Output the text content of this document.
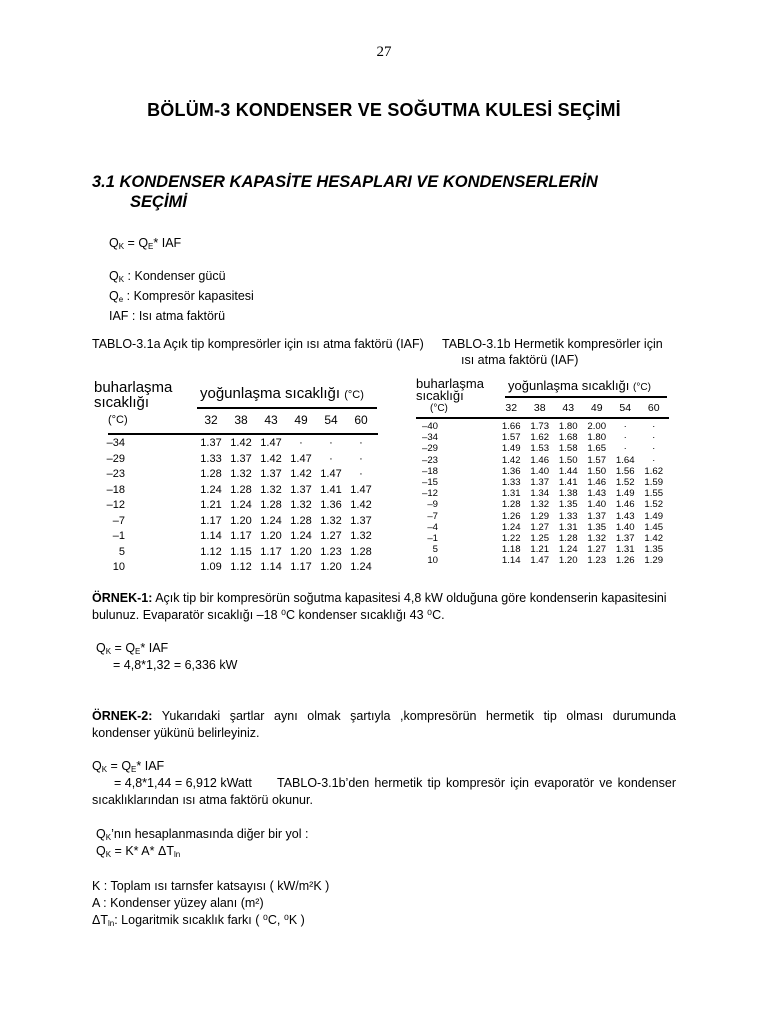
27
BÖLÜM-3 KONDENSER VE SOĞUTMA KULESİ SEÇİMİ
3.1 KONDENSER KAPASİTE HESAPLARI VE KONDENSERLERİN
SEÇİMİ
$Q_K = Q_E*$ IAF
$Q_K$ : Kondenser gücü
$Q_e$ : Kompresör kapasitesi
IAF : Isı atma faktörü
TABLO-3.1a Açık tip kompresörler için ısı atma faktörü (IAF) TABLO-3.1b Hermetik kompresörler için
ısı atma faktörü (IAF)
buharlaşma
sıcaklığı
(°C)
yoğunlaşma sıcaklığı (°C)
32	38	43	49	54	60
–34	1.37 1.42 1.47	·	·	·
–29	1.33 1.37 1.42 1.47	·	·
–23	1.28 1.32 1.37 1.42 1.47	·
–18	1.24 1.28 1.32 1.37 1.41 1.47
–12	1.21 1.24 1.28 1.32 1.36 1.42
–7	1.17 1.20 1.24 1.28 1.32 1.37
–1	1.14 1.17 1.20 1.24 1.27 1.32
5	1.12 1.15 1.17 1.20 1.23 1.28
10	1.09 1.12 1.14 1.17 1.20 1.24
buharlaşma
sıcaklığı
(°C)
yoğunlaşma sıcaklığı (°C)
32	38	43	49	54	60
–40	1.66	1.73	1.80	2.00	·	·
–34	1.57	1.62	1.68	1.80	·	·
–29	1.49	1.53	1.58	1.65	·	·
–23	1.42	1.46	1.50	1.57	1.64	·
–18	1.36	1.40	1.44	1.50	1.56	1.62
–15	1.33	1.37	1.41	1.46	1.52	1.59
–12	1.31	1.34	1.38	1.43	1.49	1.55
–9	1.28	1.32	1.35	1.40	1.46	1.52
–7	1.26	1.29	1.33	1.37	1.43	1.49
–4	1.24	1.27	1.31	1.35	1.40	1.45
–1	1.22	1.25	1.28	1.32	1.37	1.42
5	1.18	1.21	1.24	1.27	1.31	1.35
10	1.14	1.47	1.20	1.23	1.26	1.29
ÖRNEK-1: Açık tip bir kompresörün soğutma kapasitesi 4,8 kW olduğuna göre kondenserin kapasitesini
bulunuz. Evaparatör sıcaklığı –18 ⁰C kondenser sıcaklığı 43 ⁰C.
$Q_K = Q_E*$ IAF
= 4,8*1,32 = 6,336 kW
ÖRNEK-2: Yukarıdaki şartlar aynı olmak şartıyla ,kompresörün hermetik tip olması durumunda
kondenser yükünü belirleyiniz.
$Q_K = Q_E*$ IAF
= 4,8*1,44 = 6,912 kWatt TABLO-3.1b’den hermetik tip kompresör için evaporatör ve kondenser
sıcaklıklarından ısı atma faktörü okunur.
$Q_K’nın$ hesaplanmasında diğer bir yol :
$Q_K = K*$ A* $\Delta T_{ln}$
K : Toplam ısı tarnsfer katsayısı ( kW/m²K )
A : Kondenser yüzey alanı (m²)
$\Delta T_{ln}$: Logaritmik sıcaklık farkı ( ⁰C, ⁰K )
